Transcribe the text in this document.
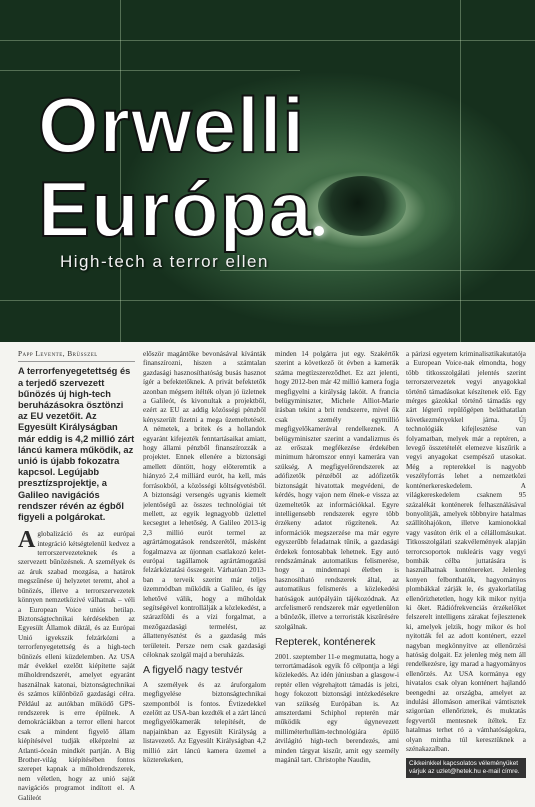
Orwelli
Európa
High-tech a terror ellen
Papp Levente, Brüsszel
A terrorfenyegetettség és a terjedő szervezett bűnözés új high-tech beruházásokra ösztönzi az EU vezetőit. Az Egyesült Királyságban már eddig is 4,2 millió zárt láncú kamera működik, az unió is újabb fokozatra kapcsol. Legújabb presztízsprojektje, a Galileo navigációs rendszer révén az égből figyeli a polgárokat.

Aglobalizáció és az európai integráció kétségtelenül kedvez a terrorszervezeteknek és a szervezett bűnözésnek. A személyek és az áruk szabad mozgása, a határok megszűnése új helyzetet teremt, ahol a bűnözés, illetve a terrorszervezetek könnyen nemzetközivé válhatnak – véli a European Voice uniós hetilap. Biztonságtechnikai kérdésekben az Egyesült Államok diktál, és az Európai Unió igyekszik felzárkózni a terrorfenyegetettség és a high-tech bűnözés elleni küzdelemben. Az USA már évekkel ezelőtt kiépítette saját műholdrendszerét, amelyet egyaránt használnak katonai, biztonságtechnikai és számos különböző gazdasági célra. Például az autókban működő GPS-rendszerek is erre épülnek. A demokráciákban a terror elleni harcot csak a mindent figyelő állam kiépítésével tudják elképzelni az Atlanti-óceán mindkét partján. A Big Brother-világ kiépítésében fontos szerepet kapnak a műholdrendszerek, nem véletlen, hogy az unió saját navigációs programot indított el. A Galileót

először magántőke bevonásával kívánták finanszírozni, hiszen a számtalan gazdasági hasznosíthatóság busás hasznot ígér a befektetőknek. A privát befektetők azonban mégsem ítélték olyan jó üzletnek a Galileót, és kivonultak a projektből, ezért az EU az addig közösségi pénzből kényszerült fizetni a mega üzemeltetését. A németek, a britek és a hollandok egyaránt kifejezték fenntartásaikat amiatt, hogy állami pénzből finanszírozzák a projektet. Ennek ellenére a biztonsági amellett döntött, hogy előteremtik a hiányzó 2,4 milliárd eurót, ha kell, más forrásokból, a közösségi költségvetésből. A biztonsági versengés ugyanis kiemelt jelentőségű az összes technológiai tét mellett, az egyik legnagyobb üzlettel kecsegtet a lehetőség. A Galileo 2013-ig 2,3 millió eurót termel az agrártámogatások rendszerétől, másként fogalmazva az újonnan csatlakozó kelet-európai tagállamok agrártámogatási felzárkóztatási összegeit. Várhatóan 2013-ban a terveik szerint már teljes üzemmódban működik a Galileo, és így lehetővé válik, hogy a műholdak segítségével kontrollálják a közlekedést, a szárazföldi és a vízi forgalmat, a mezőgazdasági termelést, az állattenyésztést és a gazdaság más területeit. Persze nem csak gazdasági céloknak szolgál majd a beruházás.

A figyelő nagy testvér

A személyek és az áruforgalom megfigyelése biztonságtechnikai szempontból is fontos. Évtizedekkel ezelőtt az USA-ban kezdték el a zárt láncú megfigyelőkamerák telepítését, de napjainkban az Egyesült Királyság a listavezető. Az Egyesült Királyságban 4,2 millió zárt láncú kamera üzemel a közterekeken,

minden 14 polgárra jut egy. Szakértők szerint a következő öt évben a kamerák száma megtízszereződhet. Ez azt jelenti, hogy 2012-ben már 42 millió kamera fogja megfigyelni a királyság lakóit. A francia belügyminiszter, Michele Alliot-Marie írásban tekint a brit rendszerre, mivel ők csak személy egymillió megfigyelőkamerával rendelkeznek. A belügyminiszter szerint a vandalizmus és az erőszak megfékezése érdekében minimum háromszor ennyi kamerára van szükség. A megfigyelőrendszerek az adófizetők pénzéből az adófizetők biztonságát hivatottak megvédeni, de kérdés, hogy vajon nem élnek-e vissza az üzemeltetők az információkkal. Egyre intelligensebb rendszerek egyre több érzékeny adatot rögzítenek. Az információk megszerzése ma már egyre egyszerűbb feladatnak tűnik, a gazdasági érdekek fontosabbak lehetnek. Egy autó rendszámának automatikus felismerése, hogy a mindennapi életben is hasznosítható rendszerek által, az automatikus felismerés a közlekedési hatóságok autópályáin tájékozódnak. Az arcfelismerő rendszerek már egyetlenülon a bűnözők, illetve a terroristák kiszűrésére szolgálnak.

Repterek, konténerek

2001. szeptember 11-e megmutatta, hogy a terrortámadások egyik fő célpontja a légi közlekedés. Az idén júniusban a glasgow-i reptér ellen végrehajtott támadás is jelzi, hogy fokozott biztonsági intézkedésekre van szükség Európában is. Az amszterdami Schiphol repterén már működik egy úgynevezett milliméterhullám-technológiára épülő átvilágító high-tech berendezés, ami minden tárgyat kiszűr, amit egy személy magánál tart. Christophe Naudin,

a párizsi egyetem kriminalisztikakutatója a European Voice-nak elmondta, hogy több titkosszolgálati jelentés szerint terrorszervezetek vegyi anyagokkal történő támadásokat készítenek elő. Egy mérges gázokkal történő támadás egy zárt légterű repülőgépen beláthatatlan következményekkel járna. Új technológiák kifejlesztése van folyamatban, melyek már a reptéren, a levegő összetételét elemezve kiszűrik a vegyi anyagokat csempésző utasokat. Még a repterekkel is nagyobb veszélyforrás lehet a nemzetközi konténerkereskedelem. A világkereskedelem csaknem 95 százalékát konténerek felhasználásával bonyolítják, amelyek többnyire hatalmas szállítóhajókon, illetve kamionokkal vagy vasúton érik el a célállomásukat. Titkosszolgálati szakvélemények alapján terrorcsoportok nukleáris vagy vegyi bombák célba juttatására is használhatnak konténereket. Jelenleg konyen felbonthatók, hagyományos plombákkal zárják le, és gyakorlatilag ellenőrizhetetlen, hogy kik mikor nyitja ki őket. Rádiófrekvenciás érzékelőket felszerelt intelligens zárakat fejlesztenek ki, amelyek jelzik, hogy mikor és hol nyitották fel az adott konténert, ezzel nagyban megkönnyítve az ellenőrzési hatóság dolgait. Ez jelenleg még nem áll rendelkezésre, így marad a hagyományos ellenőrzés. Az USA kormánya egy hivatalos csak olyan konténert hajlandó beengedni az országba, amelyet az indulási állomáson amerikai vámtisztek szigorúan ellenőriztek, és muktatás fegyvertől mentesnek ítéltek. Ez hatalmas terhet ró a vámhatóságokra, olyan mintha túl keresztüknek a szénakazalban.

Cikkeinkkel kapcsolatos véleményüket várjuk az uzlet@hetek.hu e-mail címre.
